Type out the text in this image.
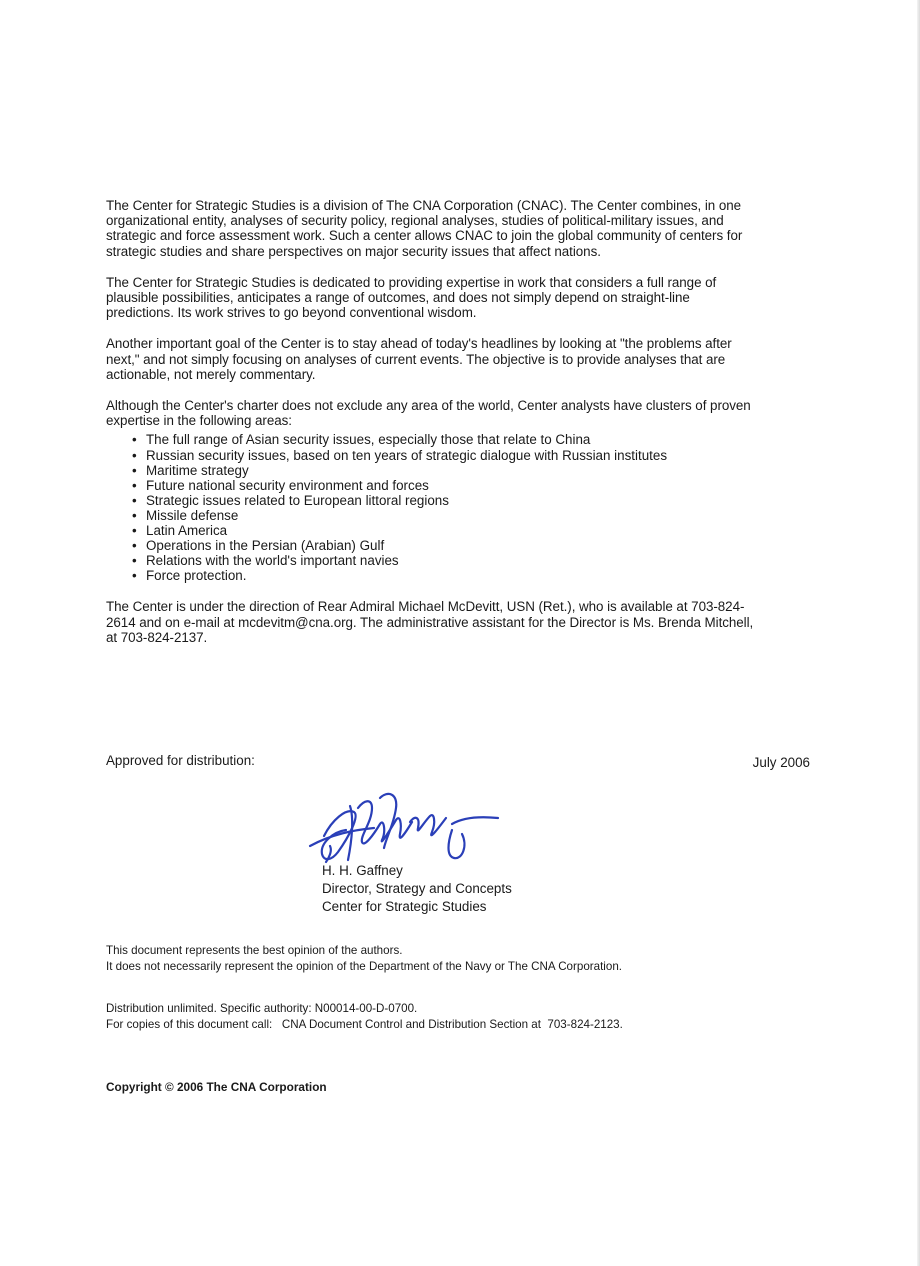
The Center for Strategic Studies is a division of The CNA Corporation (CNAC). The Center combines, in one organizational entity, analyses of security policy, regional analyses, studies of political-military issues, and strategic and force assessment work. Such a center allows CNAC to join the global community of centers for strategic studies and share perspectives on major security issues that affect nations.

The Center for Strategic Studies is dedicated to providing expertise in work that considers a full range of plausible possibilities, anticipates a range of outcomes, and does not simply depend on straight-line predictions. Its work strives to go beyond conventional wisdom.

Another important goal of the Center is to stay ahead of today's headlines by looking at "the problems after next," and not simply focusing on analyses of current events. The objective is to provide analyses that are actionable, not merely commentary.

Although the Center's charter does not exclude any area of the world, Center analysts have clusters of proven expertise in the following areas:

• The full range of Asian security issues, especially those that relate to China
• Russian security issues, based on ten years of strategic dialogue with Russian institutes
• Maritime strategy
• Future national security environment and forces
• Strategic issues related to European littoral regions
• Missile defense
• Latin America
• Operations in the Persian (Arabian) Gulf
• Relations with the world's important navies
• Force protection.

The Center is under the direction of Rear Admiral Michael McDevitt, USN (Ret.), who is available at 703-824-2614 and on e-mail at mcdevitm@cna.org. The administrative assistant for the Director is Ms. Brenda Mitchell, at 703-824-2137.

Approved for distribution:	July 2006
H. H. Gaffney
Director, Strategy and Concepts
Center for Strategic Studies
This document represents the best opinion of the authors.
It does not necessarily represent the opinion of the Department of the Navy or The CNA Corporation.
Distribution unlimited. Specific authority: N00014-00-D-0700.
For copies of this document call:   CNA Document Control and Distribution Section at  703-824-2123.
Copyright © 2006 The CNA Corporation
